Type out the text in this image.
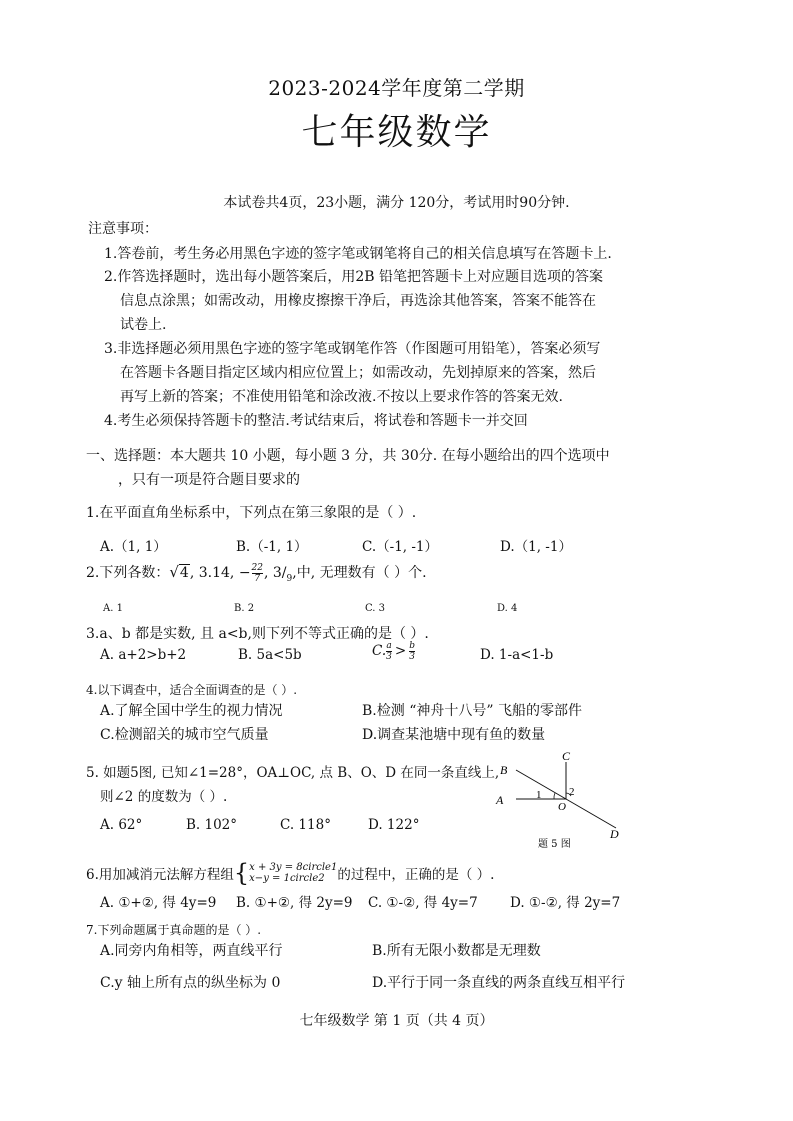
2023-2024学年度第二学期
七年级数学
本试卷共4页，23小题，满分 120分，考试用时90分钟.
注意事项：
1.答卷前，考生务必用黑色字迹的签字笔或钢笔将自己的相关信息填写在答题卡上.
2.作答选择题时，选出每小题答案后，用2B 铅笔把答题卡上对应题目选项的答案
信息点涂黑；如需改动，用橡皮擦擦干净后，再选涂其他答案，答案不能答在
试卷上.
3.非选择题必须用黑色字迹的签字笔或钢笔作答（作图题可用铅笔），答案必须写
在答题卡各题目指定区域内相应位置上；如需改动，先划掉原来的答案，然后
再写上新的答案；不准使用铅笔和涂改液.不按以上要求作答的答案无效.
4.考生必须保持答题卡的整洁.考试结束后，将试卷和答题卡一并交回
一、选择题：本大题共 10 小题，每小题 3 分，共 30分. 在每小题给出的四个选项中
，只有一项是符合题目要求的
1.在平面直角坐标系中，下列点在第三象限的是（ ）.
A.（1, 1）	B.（-1, 1）	C.（-1, -1）	D.（1, -1）
2.下列各数：√4, 3.14, − $\frac{22}{7}$ , $3/_9$,中, 无理数有（ ）个.
A. 1	B. 2	C. 3	D. 4
3.a、b 都是实数, 且 a<b,则下列不等式正确的是（ ）.
A. a+2>b+2	B. 5a<5b	C. $\frac{a}{3} > \frac{b}{3}$	D. 1-a<1-b
4.以下调查中，适合全面调查的是（ ）.
A.了解全国中学生的视力情况	B.检测 “神舟十八号” 飞船的零部件
C.检测韶关的城市空气质量	D.调查某池塘中现有鱼的数量
5. 如题5图, 已知∠1=28°，OA⊥OC, 点 B、O、D 在同一条直线上,
则∠2 的度数为（ ）.
A. 62°	B. 102°	C. 118°	D. 122°
B
A
C
O
D
1	2
题 5 图
6.用加减消元法解方程组{ x + 3y = 8circle1
x−y = 1circle2 的过程中，正确的是（ ）.
A. ①+②, 得 4y=9 B. ①+②, 得 2y=9 C. ①-②, 得 4y=7 D. ①-②, 得 2y=7
7.下列命题属于真命题的是（ ）.
A.同旁内角相等，两直线平行	B.所有无限小数都是无理数
C.y 轴上所有点的纵坐标为 0	D.平行于同一条直线的两条直线互相平行
七年级数学 第 1 页（共 4 页）
